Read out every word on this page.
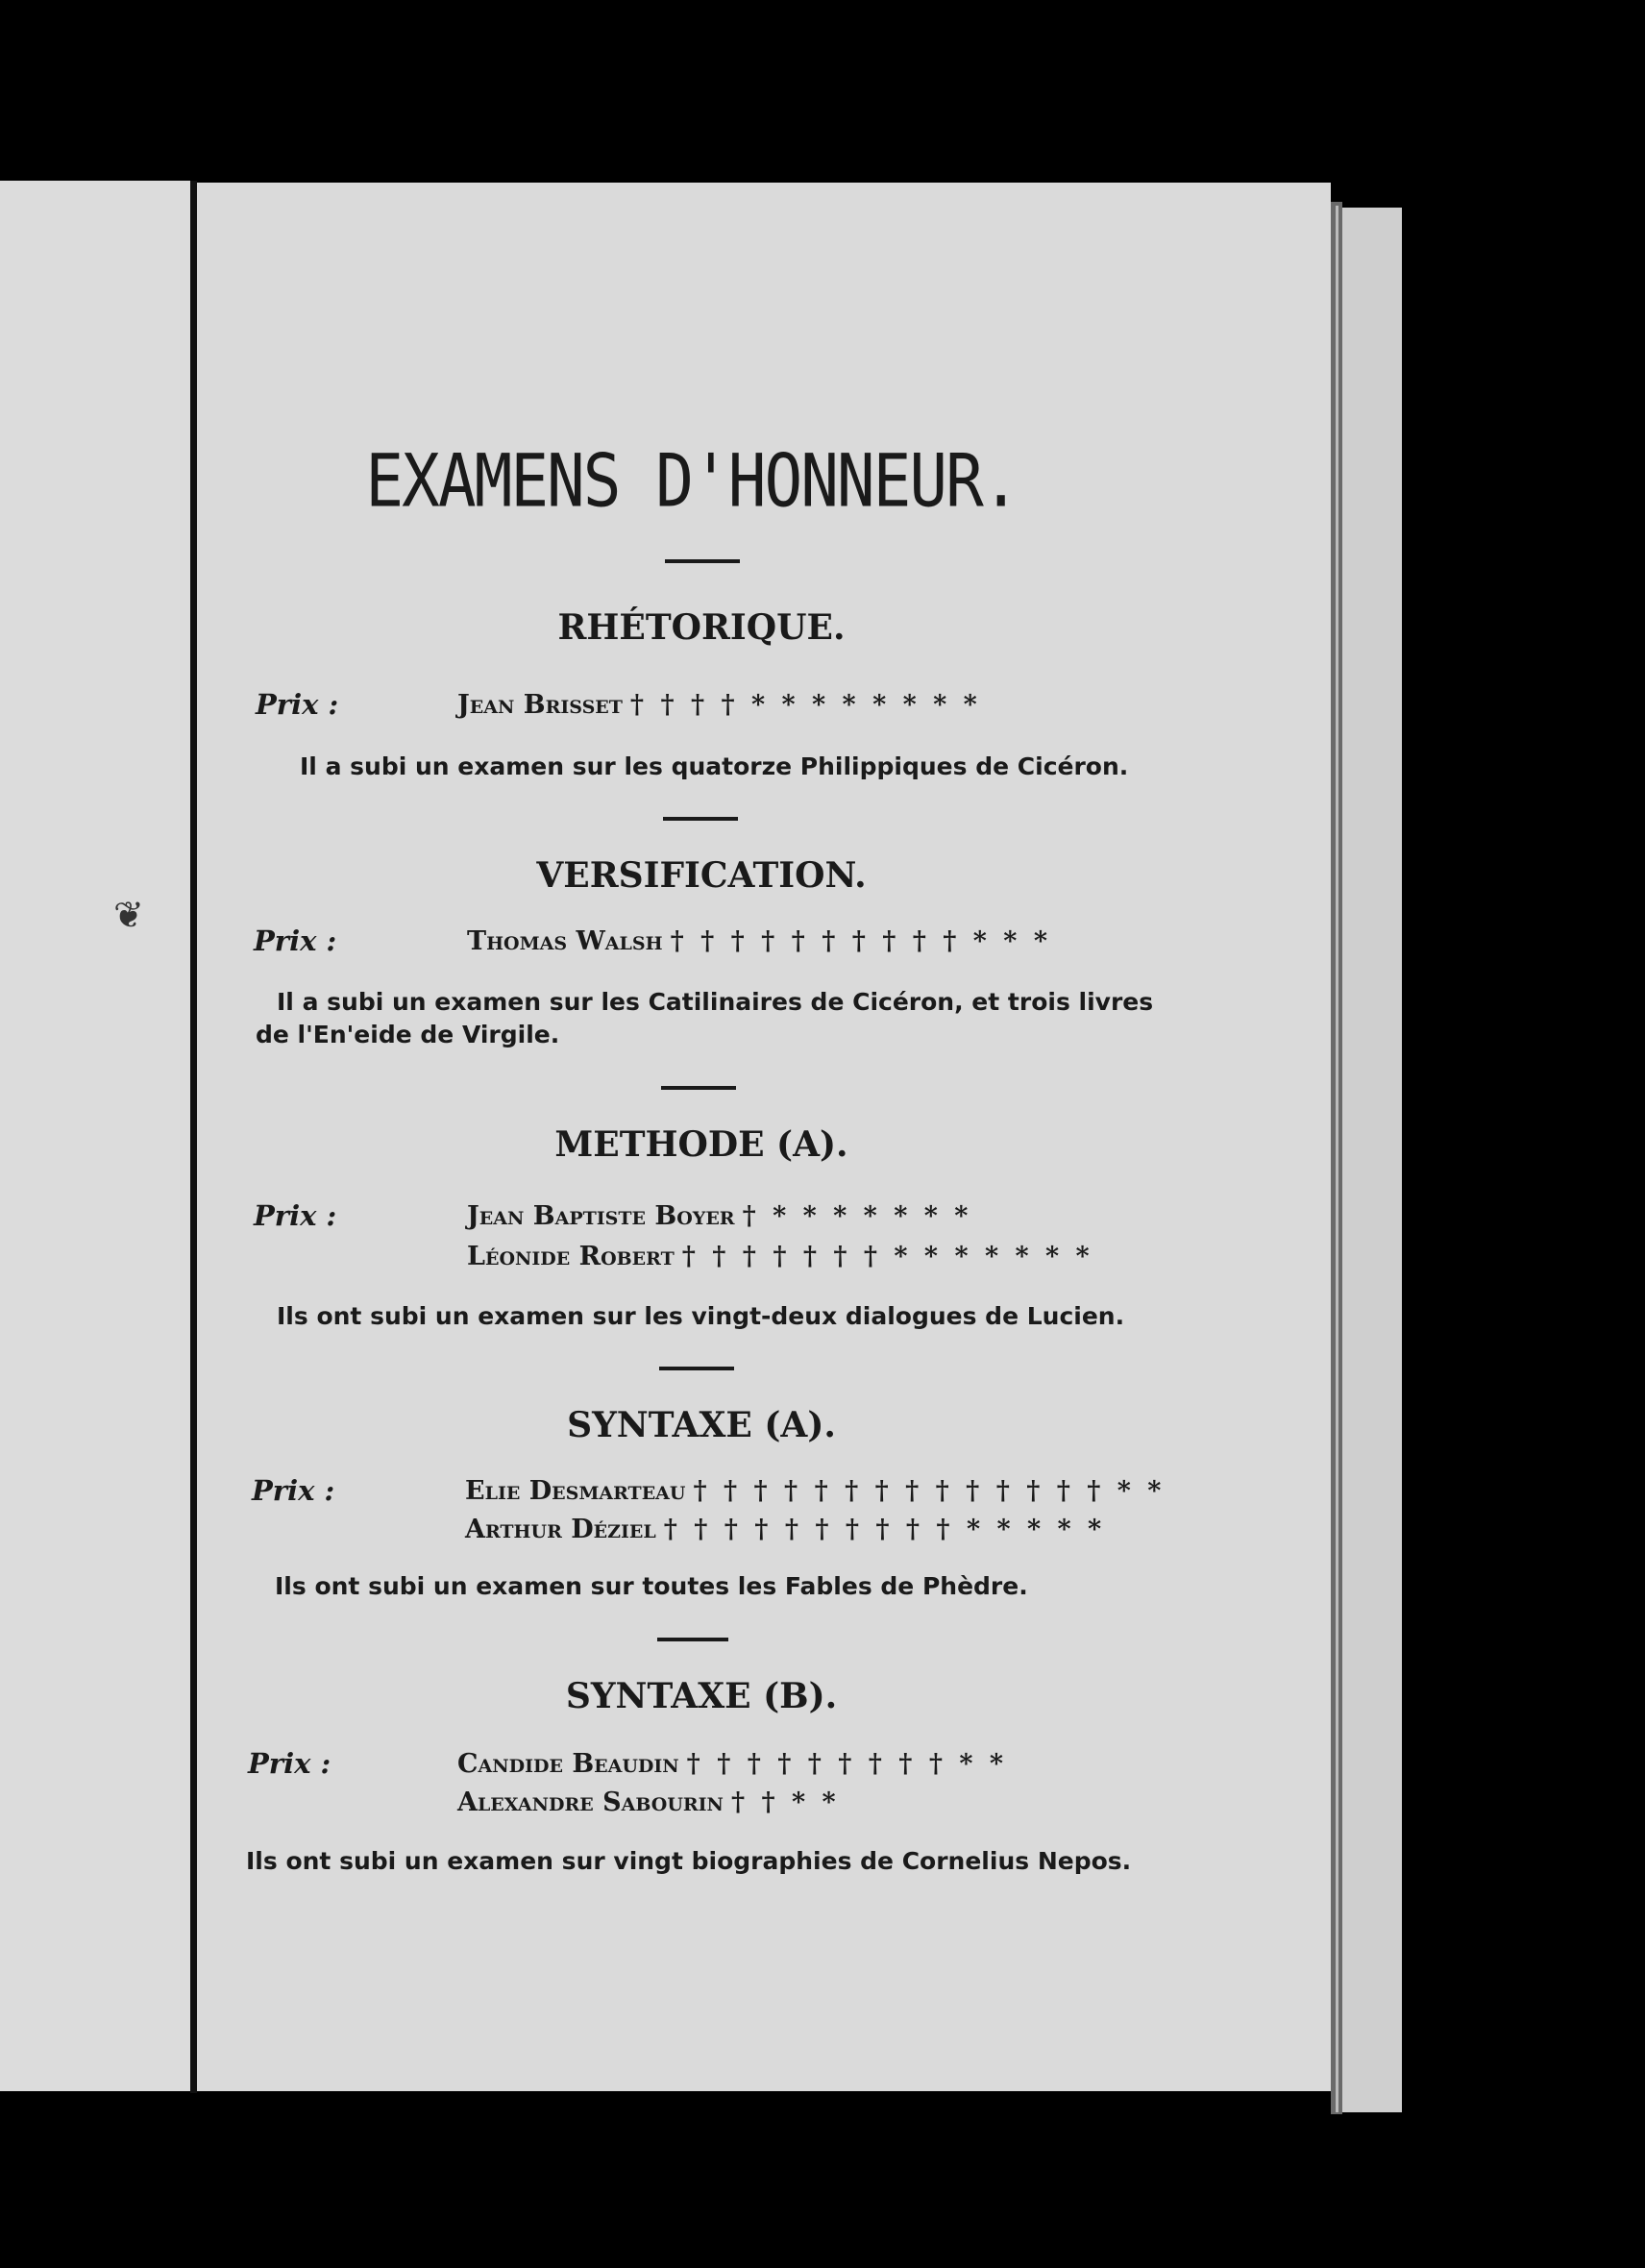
❦
EXAMENS D'HONNEUR.
RHÉTORIQUE.
Prix :	Jean Brisset † † † † * * * * * * * *
Il a subi un examen sur les quatorze Philippiques de Cicéron.
VERSIFICATION.
Prix :	Thomas Walsh † † † † † † † † † † * * *
Il a subi un examen sur les Catilinaires de Cicéron, et trois livres
de l'En'eide de Virgile.
METHODE (A).
Prix :	Jean Baptiste Boyer † * * * * * * *
Léonide Robert † † † † † † † * * * * * * *
Ils ont subi un examen sur les vingt-deux dialogues de Lucien.
SYNTAXE (A).
Prix :	Elie Desmarteau † † † † † † † † † † † † † † * *
Arthur Déziel † † † † † † † † † † * * * * *
Ils ont subi un examen sur toutes les Fables de Phèdre.
SYNTAXE (B).
Prix :	Candide Beaudin † † † † † † † † † * *
Alexandre Sabourin † † * *
Ils ont subi un examen sur vingt biographies de Cornelius Nepos.
